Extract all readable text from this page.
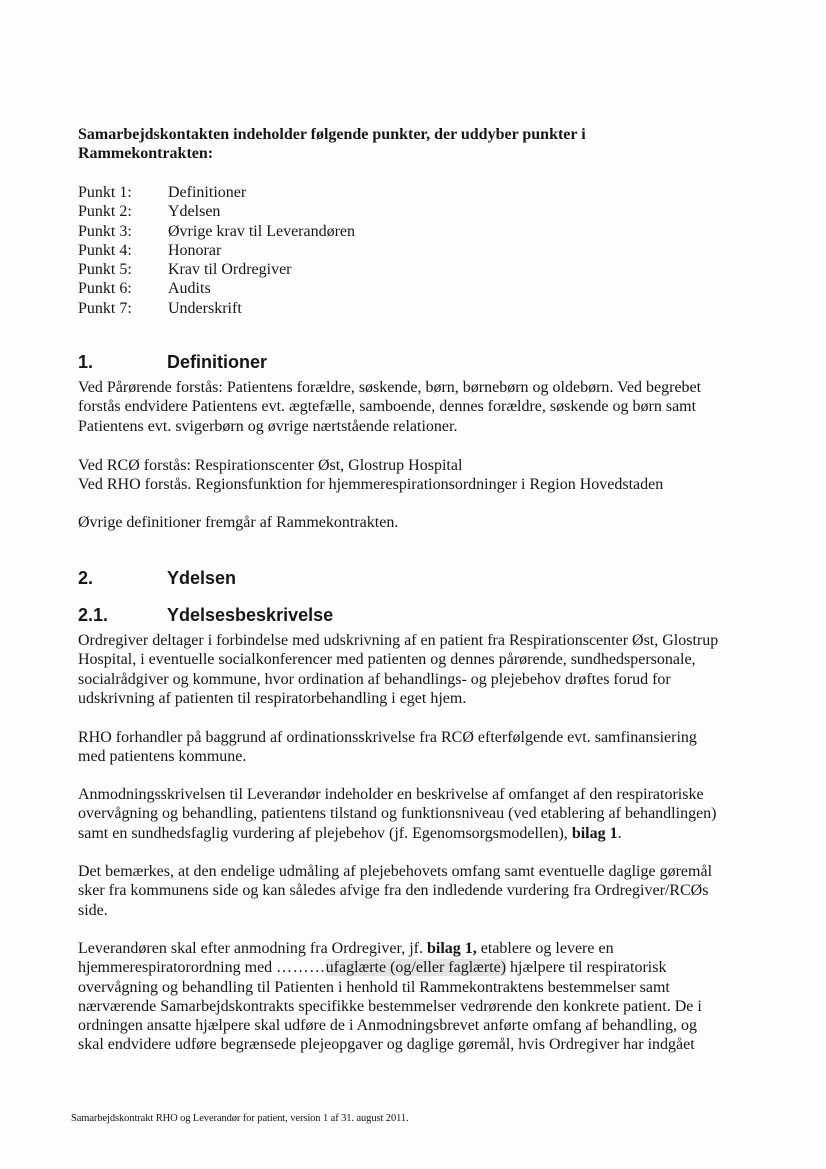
Samarbejdskontakten indeholder følgende punkter, der uddyber punkter i
Rammekontrakten:
Punkt 1: Definitioner
Punkt 2: Ydelsen
Punkt 3: Øvrige krav til Leverandøren
Punkt 4: Honorar
Punkt 5: Krav til Ordregiver
Punkt 6: Audits
Punkt 7: Underskrift
1.	Definitioner
Ved Pårørende forstås: Patientens forældre, søskende, børn, børnebørn og oldebørn. Ved begrebet
forstås endvidere Patientens evt. ægtefælle, samboende, dennes forældre, søskende og børn samt
Patientens evt. svigerbørn og øvrige nærtstående relationer.
Ved RCØ forstås: Respirationscenter Øst, Glostrup Hospital
Ved RHO forstås. Regionsfunktion for hjemmerespirationsordninger i Region Hovedstaden
Øvrige definitioner fremgår af Rammekontrakten.
2.	Ydelsen
2.1.	Ydelsesbeskrivelse
Ordregiver deltager i forbindelse med udskrivning af en patient fra Respirationscenter Øst, Glostrup
Hospital, i eventuelle socialkonferencer med patienten og dennes pårørende, sundhedspersonale,
socialrådgiver og kommune, hvor ordination af behandlings- og plejebehov drøftes forud for
udskrivning af patienten til respiratorbehandling i eget hjem.
RHO forhandler på baggrund af ordinationsskrivelse fra RCØ efterfølgende evt. samfinansiering
med patientens kommune.
Anmodningsskrivelsen til Leverandør indeholder en beskrivelse af omfanget af den respiratoriske
overvågning og behandling, patientens tilstand og funktionsniveau (ved etablering af behandlingen)
samt en sundhedsfaglig vurdering af plejebehov (jf. Egenomsorgsmodellen), bilag 1.
Det bemærkes, at den endelige udmåling af plejebehovets omfang samt eventuelle daglige gøremål
sker fra kommunens side og kan således afvige fra den indledende vurdering fra Ordregiver/RCØs
side.
Leverandøren skal efter anmodning fra Ordregiver, jf. bilag 1, etablere og levere en
hjemmerespiratorordning med ………ufaglærte (og/eller faglærte) hjælpere til respiratorisk
overvågning og behandling til Patienten i henhold til Rammekontraktens bestemmelser samt
nærværende Samarbejdskontrakts specifikke bestemmelser vedrørende den konkrete patient. De i
ordningen ansatte hjælpere skal udføre de i Anmodningsbrevet anførte omfang af behandling, og
skal endvidere udføre begrænsede plejeopgaver og daglige gøremål, hvis Ordregiver har indgået
Samarbejdskontrakt RHO og Leverandør for patient, version 1 af 31. august 2011.
